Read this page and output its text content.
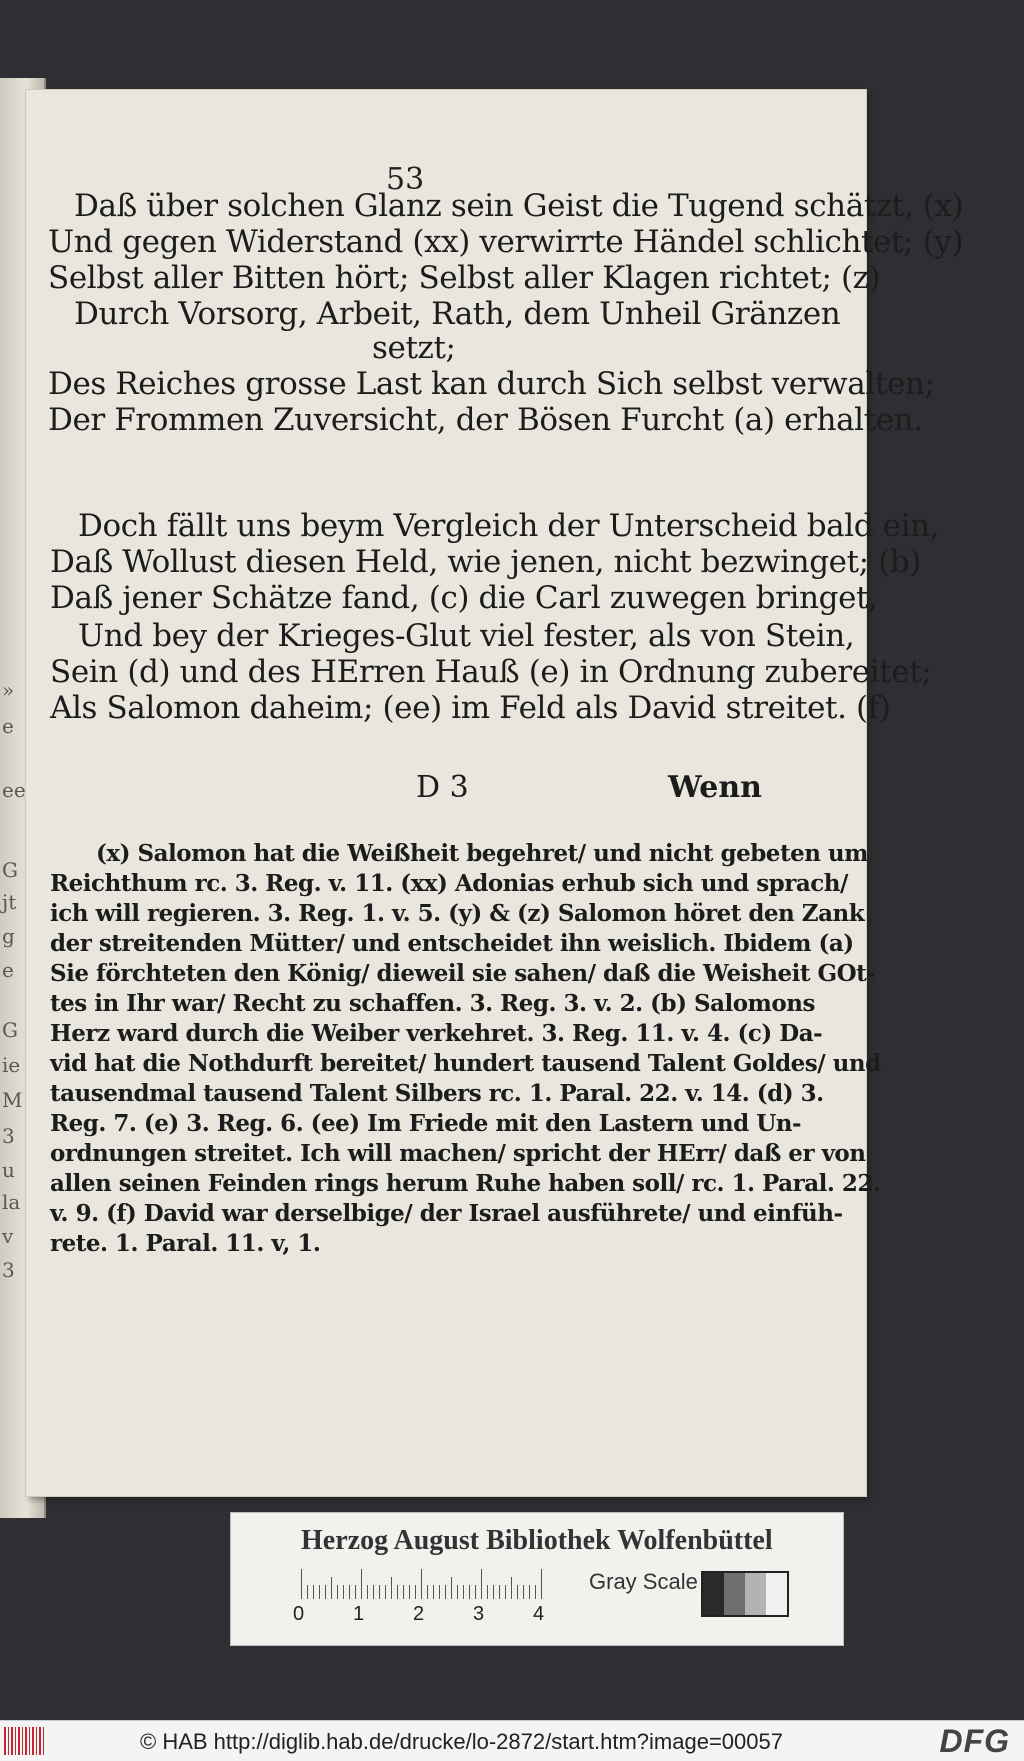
»
e
ee
G
jt
g
e
G
ie
M
3
u
la
v
3
53
Daß über solchen Glanz sein Geist die Tugend schätzt, (x)
Und gegen Widerstand (xx) verwirrte Händel schlichtet; (y)
Selbst aller Bitten hört; Selbst aller Klagen richtet; (z)
Durch Vorsorg, Arbeit, Rath, dem Unheil Gränzen
setzt;
Des Reiches grosse Last kan durch Sich selbst verwalten;
Der Frommen Zuversicht, der Bösen Furcht (a) erhalten.
Doch fällt uns beym Vergleich der Unterscheid bald ein,
Daß Wollust diesen Held, wie jenen, nicht bezwinget; (b)
Daß jener Schätze fand, (c) die Carl zuwegen bringet,
Und bey der Krieges-Glut viel fester, als von Stein,
Sein (d) und des HErren Hauß (e) in Ordnung zubereitet;
Als Salomon daheim; (ee) im Feld als David streitet. (f)
D 3	Wenn
(x) Salomon hat die Weißheit begehret/ und nicht gebeten um
Reichthum rc. 3. Reg. v. 11. (xx) Adonias erhub sich und sprach/
ich will regieren. 3. Reg. 1. v. 5. (y) & (z) Salomon höret den Zank
der streitenden Mütter/ und entscheidet ihn weislich. Ibidem (a)
Sie förchteten den König/ dieweil sie sahen/ daß die Weisheit GOt-
tes in Ihr war/ Recht zu schaffen. 3. Reg. 3. v. 2. (b) Salomons
Herz ward durch die Weiber verkehret. 3. Reg. 11. v. 4. (c) Da-
vid hat die Nothdurft bereitet/ hundert tausend Talent Goldes/ und
tausendmal tausend Talent Silbers rc. 1. Paral. 22. v. 14. (d) 3.
Reg. 7. (e) 3. Reg. 6. (ee) Im Friede mit den Lastern und Un-
ordnungen streitet. Ich will machen/ spricht der HErr/ daß er von
allen seinen Feinden rings herum Ruhe haben soll/ rc. 1. Paral. 22.
v. 9. (f) David war derselbige/ der Israel ausführete/ und einfüh-
rete. 1. Paral. 11. v, 1.
Herzog August Bibliothek Wolfenbüttel
0 1 2 3 4
Gray Scale
© HAB http://diglib.hab.de/drucke/lo-2872/start.htm?image=00057	DFG
